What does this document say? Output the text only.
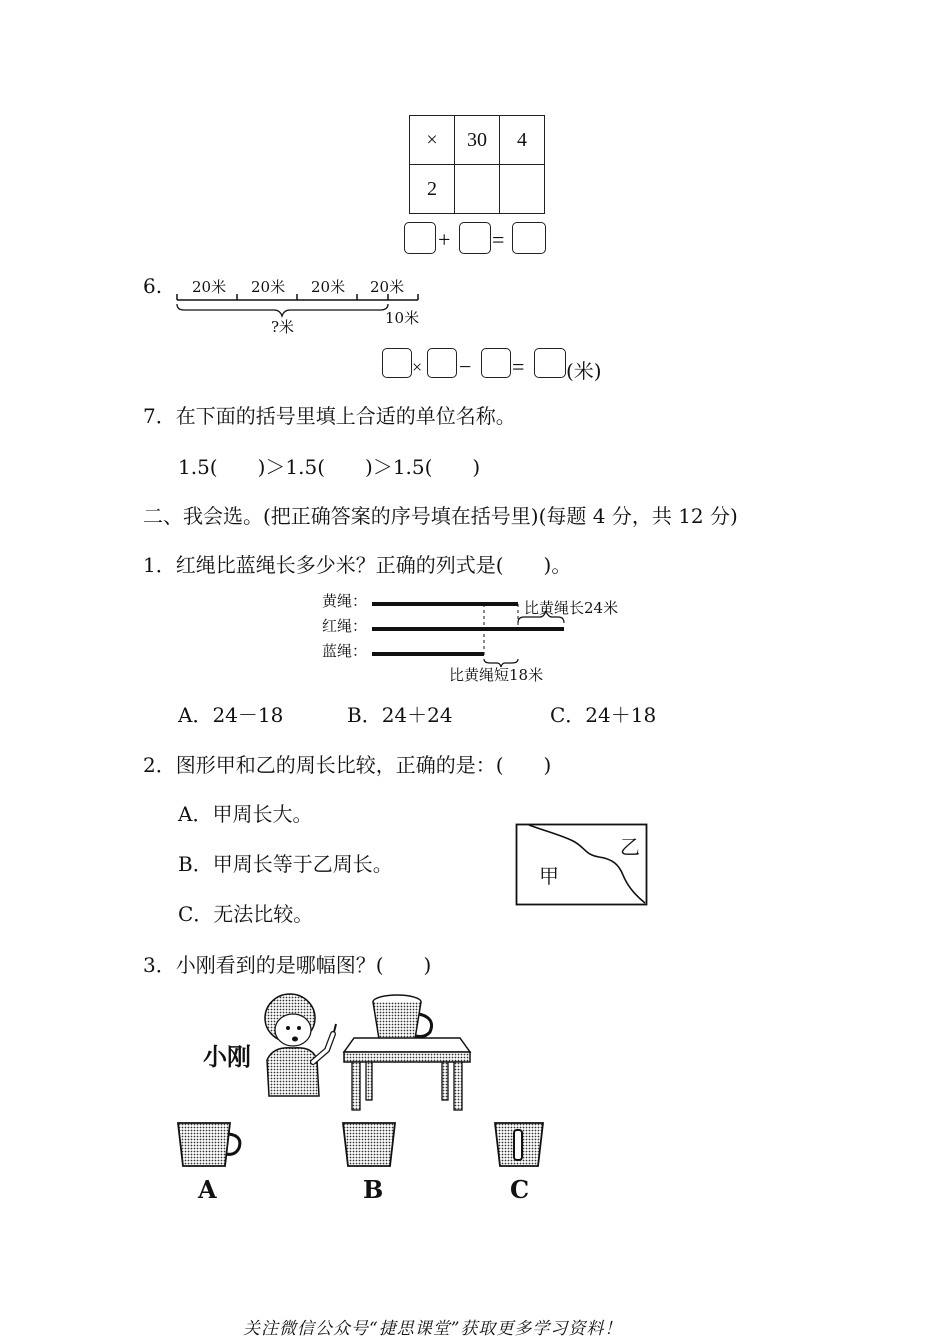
×	30	4
2		
+ =
6. 20米 20米 20米 20米
?米	10米
× − = (米)
7．在下面的括号里填上合适的单位名称。
1.5(　　)＞1.5(　　)＞1.5(　　)
二、我会选。(把正确答案的序号填在括号里)(每题 4 分，共 12 分)
1．红绳比蓝绳长多少米？正确的列式是(　　)。
黄绳：
红绳：
蓝绳：
比黄绳长24米
比黄绳短18米
A．24－18	B．24＋24	C．24＋18
2．图形甲和乙的周长比较，正确的是：(　　)
A．甲周长大。
B．甲周长等于乙周长。
C．无法比较。
甲
乙
3．小刚看到的是哪幅图？(　　)
小刚
A	B	C
关注微信公众号“捷思课堂”获取更多学习资料！
